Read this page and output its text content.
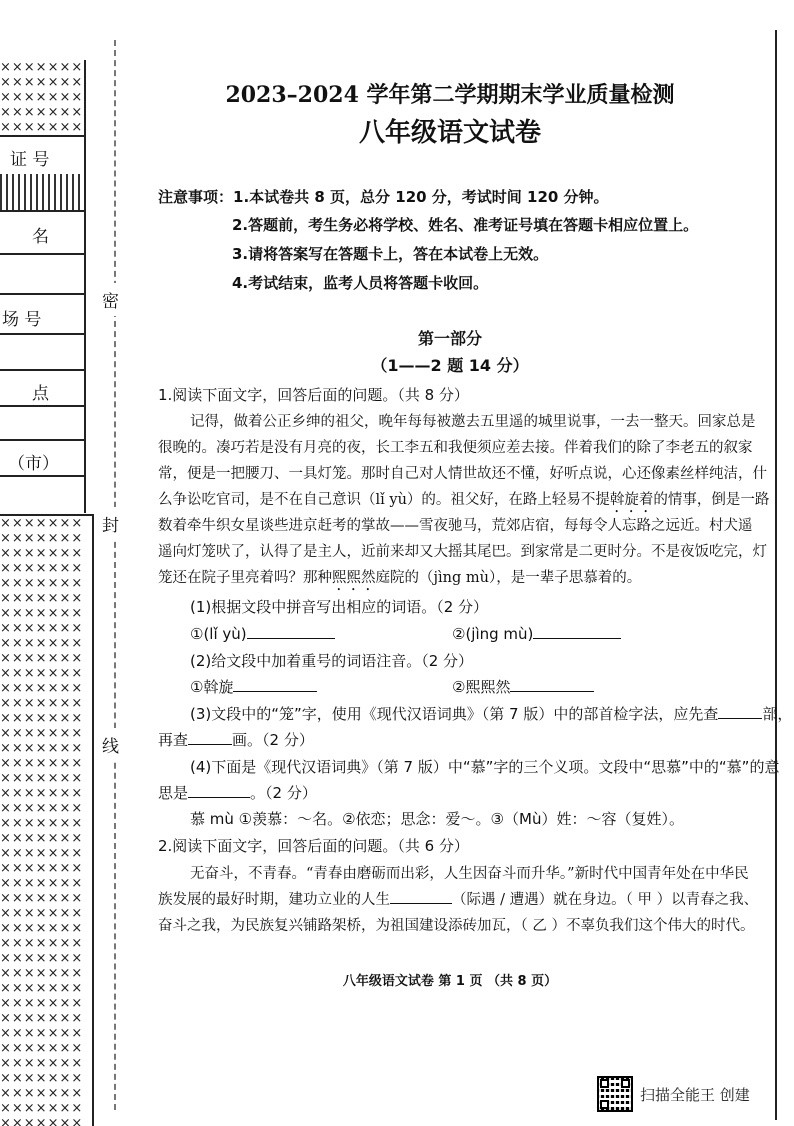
×××××××××××××××××××××××××××××××××××
证 号
名
场 号
点
（市）
×××××××××××××××××××××××××××××××××××××××××××××××××××××××××××××××××××××××××××××××××××××××××××××××××××××××××××××××××××××××××××××××××××××××××××××××××××××××××××××××××××××××××××××××××××××××××××××××××××××××××××××××××××××××××××××××××××××××××××××××××××××××××××××××××××××××××××××××××××××××××××××××
密
封
线
2023–2024 学年第二学期期末学业质量检测
八年级语文试卷
注意事项：1.本试卷共 8 页，总分 120 分，考试时间 120 分钟。
2.答题前，考生务必将学校、姓名、准考证号填在答题卡相应位置上。
3.请将答案写在答题卡上，答在本试卷上无效。
4.考试结束，监考人员将答题卡收回。
第一部分
（1——2 题 14 分）
1.阅读下面文字，回答后面的问题。（共 8 分）
记得，做着公正乡绅的祖父，晚年每每被邀去五里遥的城里说事，一去一整天。回家总是
很晚的。凑巧若是没有月亮的夜，长工李五和我便须应差去接。伴着我们的除了李老五的叙家
常，便是一把腰刀、一具灯笼。那时自己对人情世故还不懂，好听点说，心还像素丝样纯洁，什
么争讼吃官司，是不在自己意识（lǐ yù）的。祖父好，在路上轻易不提斡旋着的情事，倒是一路
数着牵牛织女星谈些进京赶考的掌故——雪夜驰马，荒郊店宿，每每令人忘路之远近。村犬遥
遥向灯笼吠了，认得了是主人，近前来却又大摇其尾巴。到家常是二更时分。不是夜饭吃完，灯
笼还在院子里亮着吗？那种熙熙然庭院的（jìng mù），是一辈子思慕着的。
(1)根据文段中拼音写出相应的词语。（2 分）
①(lǐ yù)	②(jìng mù)
(2)给文段中加着重号的词语注音。（2 分）
①斡旋	②熙熙然
(3)文段中的“笼”字，使用《现代汉语词典》（第 7 版）中的部首检字法，应先查	部，
再查	画。（2 分）
(4)下面是《现代汉语词典》（第 7 版）中“慕”字的三个义项。文段中“思慕”中的“慕”的意
思是	。（2 分）
慕 mù ①羡慕：～名。②依恋；思念：爱～。③（Mù）姓：～容（复姓）。
2.阅读下面文字，回答后面的问题。（共 6 分）
无奋斗，不青春。“青春由磨砺而出彩，人生因奋斗而升华。”新时代中国青年处在中华民
族发展的最好时期，建功立业的人生	（际遇 / 遭遇）就在身边。（ 甲 ）以青春之我、
奋斗之我，为民族复兴铺路架桥，为祖国建设添砖加瓦，（ 乙 ）不辜负我们这个伟大的时代。
八年级语文试卷 第 1 页 （共 8 页）
扫描全能王 创建
